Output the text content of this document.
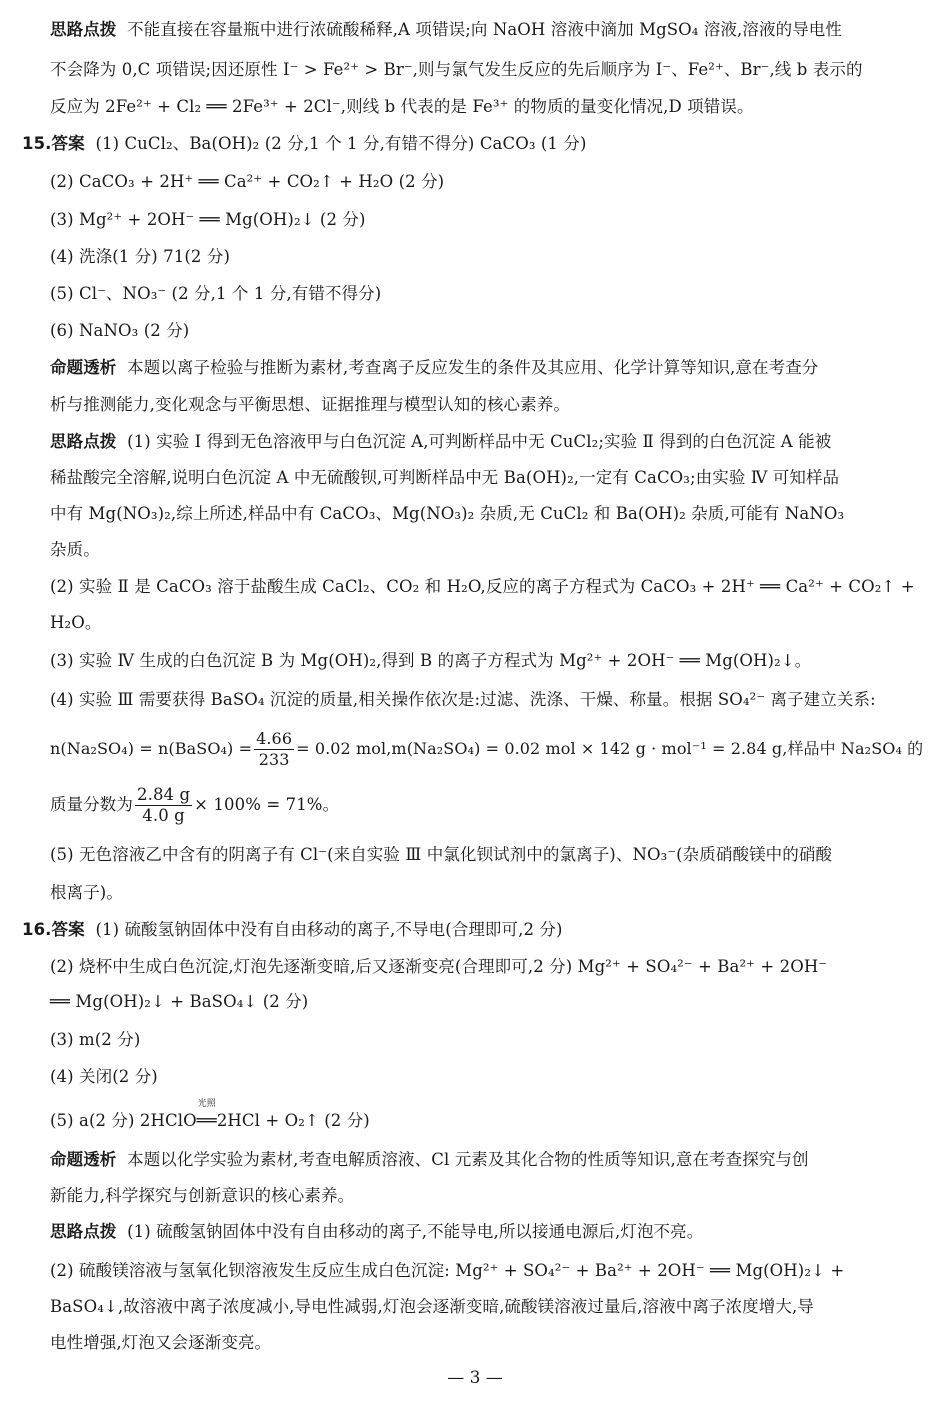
思路点拨 不能直接在容量瓶中进行浓硫酸稀释,A 项错误;向 NaOH 溶液中滴加 MgSO₄ 溶液,溶液的导电性
不会降为 0,C 项错误;因还原性 I⁻ > Fe²⁺ > Br⁻,则与氯气发生反应的先后顺序为 I⁻、Fe²⁺、Br⁻,线 b 表示的
反应为 2Fe²⁺ + Cl₂ ══ 2Fe³⁺ + 2Cl⁻,则线 b 代表的是 Fe³⁺ 的物质的量变化情况,D 项错误。
15.答案 (1) CuCl₂、Ba(OH)₂ (2 分,1 个 1 分,有错不得分) CaCO₃ (1 分)
(2) CaCO₃ + 2H⁺ ══ Ca²⁺ + CO₂↑ + H₂O (2 分)
(3) Mg²⁺ + 2OH⁻ ══ Mg(OH)₂↓ (2 分)
(4) 洗涤(1 分) 71(2 分)
(5) Cl⁻、NO₃⁻ (2 分,1 个 1 分,有错不得分)
(6) NaNO₃ (2 分)
命题透析 本题以离子检验与推断为素材,考查离子反应发生的条件及其应用、化学计算等知识,意在考查分
析与推测能力,变化观念与平衡思想、证据推理与模型认知的核心素养。
思路点拨 (1) 实验 Ⅰ 得到无色溶液甲与白色沉淀 A,可判断样品中无 CuCl₂;实验 Ⅱ 得到的白色沉淀 A 能被
稀盐酸完全溶解,说明白色沉淀 A 中无硫酸钡,可判断样品中无 Ba(OH)₂,一定有 CaCO₃;由实验 Ⅳ 可知样品
中有 Mg(NO₃)₂,综上所述,样品中有 CaCO₃、Mg(NO₃)₂ 杂质,无 CuCl₂ 和 Ba(OH)₂ 杂质,可能有 NaNO₃
杂质。
(2) 实验 Ⅱ 是 CaCO₃ 溶于盐酸生成 CaCl₂、CO₂ 和 H₂O,反应的离子方程式为 CaCO₃ + 2H⁺ ══ Ca²⁺ + CO₂↑ +
H₂O。
(3) 实验 Ⅳ 生成的白色沉淀 B 为 Mg(OH)₂,得到 B 的离子方程式为 Mg²⁺ + 2OH⁻ ══ Mg(OH)₂↓。
(4) 实验 Ⅲ 需要获得 BaSO₄ 沉淀的质量,相关操作依次是:过滤、洗涤、干燥、称量。根据 SO₄²⁻ 离子建立关系:
n(Na₂SO₄) = n(BaSO₄) = $\frac{4.66}{233} = 0.02$ mol,m(Na₂SO₄) = 0.02 mol × 142 g · mol⁻¹ = 2.84 g,样品中 Na₂SO₄ 的
质量分数为 $\frac{2.84 g}{4.0 g} \times 100\% = 71\%$。
(5) 无色溶液乙中含有的阴离子有 Cl⁻(来自实验 Ⅲ 中氯化钡试剂中的氯离子)、NO₃⁻(杂质硝酸镁中的硝酸
根离子)。
16.答案 (1) 硫酸氢钠固体中没有自由移动的离子,不导电(合理即可,2 分)
(2) 烧杯中生成白色沉淀,灯泡先逐渐变暗,后又逐渐变亮(合理即可,2 分) Mg²⁺ + SO₄²⁻ + Ba²⁺ + 2OH⁻
══ Mg(OH)₂↓ + BaSO₄↓ (2 分)
(3) m(2 分)
(4) 关闭(2 分)
(5) a(2 分) 2HClO
光照
══2HCl + O₂↑ (2 分)
命题透析 本题以化学实验为素材,考查电解质溶液、Cl 元素及其化合物的性质等知识,意在考查探究与创
新能力,科学探究与创新意识的核心素养。
思路点拨 (1) 硫酸氢钠固体中没有自由移动的离子,不能导电,所以接通电源后,灯泡不亮。
(2) 硫酸镁溶液与氢氧化钡溶液发生反应生成白色沉淀: Mg²⁺ + SO₄²⁻ + Ba²⁺ + 2OH⁻ ══ Mg(OH)₂↓ +
BaSO₄↓,故溶液中离子浓度减小,导电性减弱,灯泡会逐渐变暗,硫酸镁溶液过量后,溶液中离子浓度增大,导
电性增强,灯泡又会逐渐变亮。
— 3 —
